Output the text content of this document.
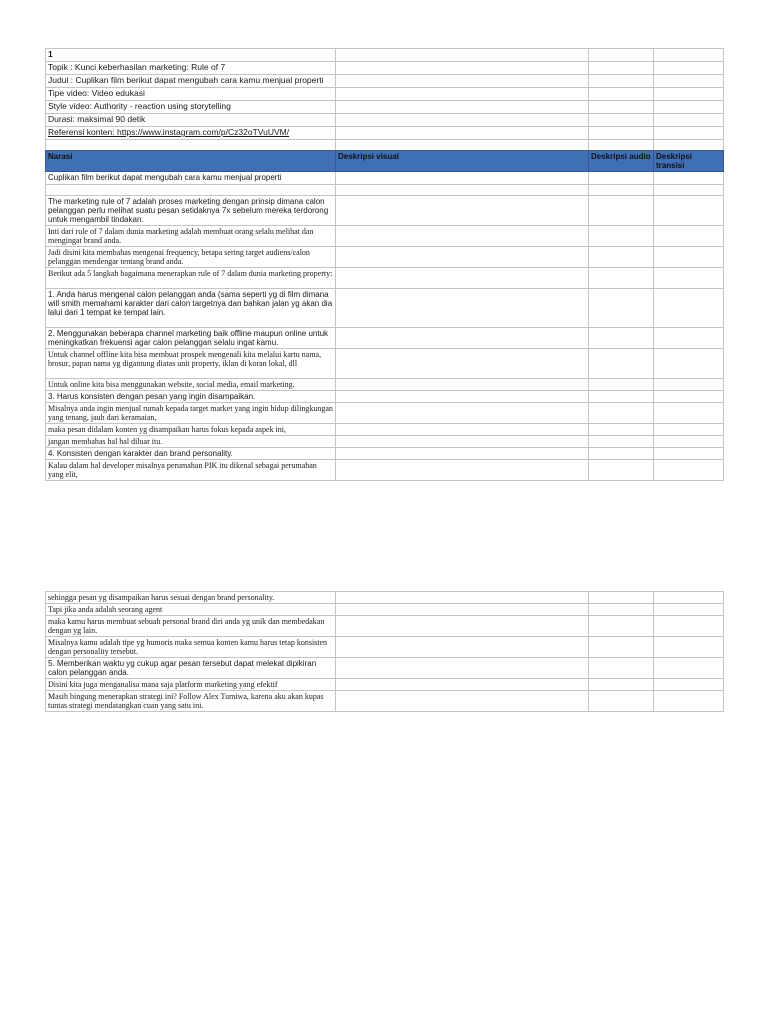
1			
Topik : Kunci keberhasilan marketing: Rule of 7			
Judul : Cuplikan film berikut dapat mengubah cara kamu menjual properti			
Tipe video: Video edukasi			
Style video: Authority - reaction using storytelling			
Durasi: maksimal 90 detik			
Referensi konten: https://www.instagram.com/p/Cz32oTVuUVM/			

Narasi	Deskripsi visual	Deskripsi audio	Deskripsi transisi
Cuplikan film berikut dapat mengubah cara kamu menjual properti			

The marketing rule of 7 adalah proses marketing dengan prinsip dimana calon pelanggan perlu melihat suatu pesan setidaknya 7x sebelum mereka terdorong untuk mengambil tindakan.			
Inti dari rule of 7 dalam dunia marketing adalah membuat orang selalu melihat dan mengingat brand anda.			
Jadi disini kita membahas mengenai frequency, betapa sering target audiens/calon pelanggan mendengar tentang brand anda.			
Berikut ada 5 langkah bagaimana menerapkan rule of 7 dalam dunia marketing property:			
1. Anda harus mengenal calon pelanggan anda (sama seperti yg di film dimana will smith memahami karakter dari calon targetnya dan bahkan jalan yg akan dia lalui dari 1 tempat ke tempat lain.			
2. Menggunakan beberapa channel marketing baik offline maupun online untuk meningkatkan frekuensi agar calon pelanggan selalu ingat kamu.			
Untuk channel offline kita bisa membuat prospek mengenali kita melalui kartu nama, brosur, papan nama yg digantung diatas unit property, iklan di koran lokal, dll			
Untuk online kita bisa menggunakan website, social media, email marketing.			
3. Harus konsisten dengan pesan yang ingin disampaikan.			
Misalnya anda ingin menjual rumah kepada target market yang ingin hidup dilingkungan yang tenang, jauh dari keramaian,			
maka pesan didalam konten yg disampaikan harus fokus kepada aspek ini,			
jangan membahas hal hal diluar itu.			
4. Konsisten dengan karakter dan brand personality.			
Kalau dalam hal developer misalnya perumahan PIK itu dikenal sebagai perumahan yang elit,			
sehingga pesan yg disampaikan harus sesuai dengan brand personality.			
Tapi jika anda adalah seorang agent			
maka kamu harus membuat sebuah personal brand diri anda yg unik dan membedakan dengan yg lain.			
Misalnya kamu adalah tipe yg humoris maka semua konten kamu harus tetap konsisten dengan personality tersebut.			
5. Memberikan waktu yg cukup agar pesan tersebut dapat melekat dipikiran calon pelanggan anda.			
Disini kita juga menganalisa mana saja platform marketing yang efektif			
Masih bingung menerapkan strategi ini? Follow Alex Tumiwa, karena aku akan kupas tuntas strategi mendatangkan cuan yang satu ini.			
